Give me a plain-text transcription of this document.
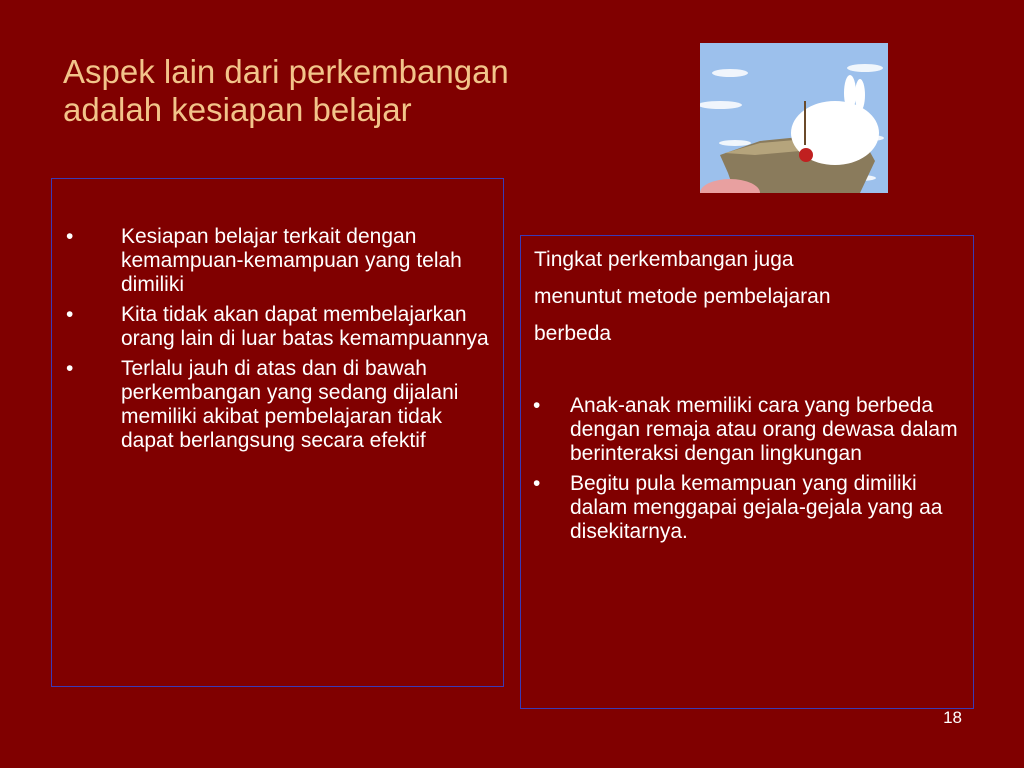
Aspek lain dari perkembangan
adalah kesiapan belajar
• Kesiapan belajar terkait dengan kemampuan-kemampuan yang telah dimiliki
• Kita tidak akan dapat membelajarkan orang lain di luar batas kemampuannya
• Terlalu jauh di atas dan di bawah perkembangan yang sedang dijalani memiliki akibat pembelajaran tidak dapat berlangsung secara efektif
Tingkat perkembangan juga
menuntut metode pembelajaran
berbeda
• Anak-anak memiliki cara yang berbeda dengan remaja atau orang dewasa dalam berinteraksi dengan lingkungan
• Begitu pula kemampuan yang dimiliki dalam menggapai gejala-gejala yang aa disekitarnya.
18
